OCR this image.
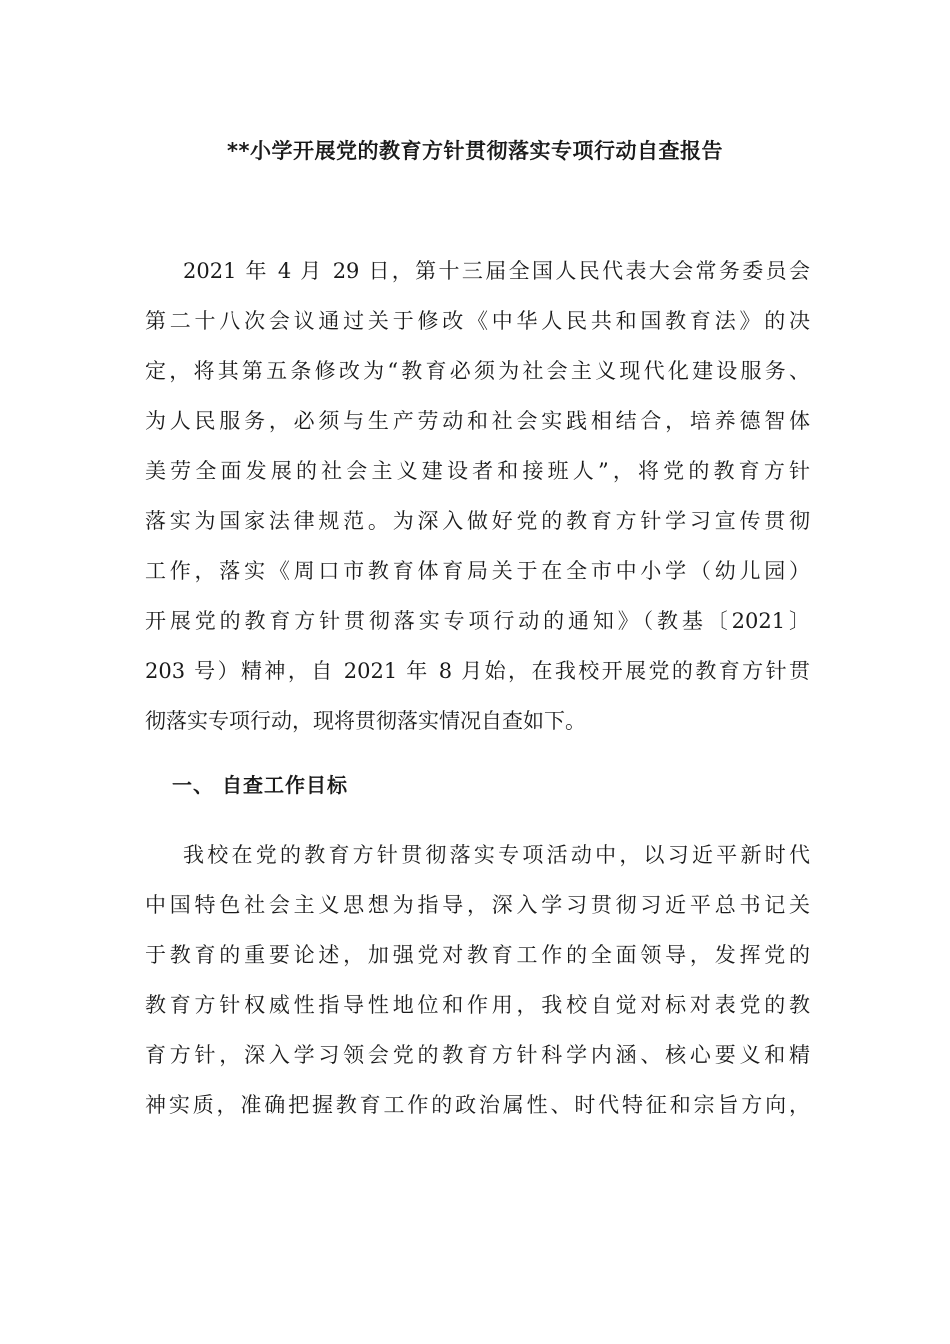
**小学开展党的教育方针贯彻落实专项行动自查报告
2021 年 4 月 29 日，第十三届全国人民代表大会常务委员会
第二十八次会议通过关于修改《中华人民共和国教育法》的决
定，将其第五条修改为“教育必须为社会主义现代化建设服务、
为人民服务，必须与生产劳动和社会实践相结合，培养德智体
美劳全面发展的社会主义建设者和接班人”，将党的教育方针
落实为国家法律规范。为深入做好党的教育方针学习宣传贯彻
工作，落实《周口市教育体育局关于在全市中小学（幼儿园）
开展党的教育方针贯彻落实专项行动的通知》（教基〔2021〕
203 号）精神，自 2021 年 8 月始，在我校开展党的教育方针贯
彻落实专项行动，现将贯彻落实情况自查如下。
一、 自查工作目标
我校在党的教育方针贯彻落实专项活动中，以习近平新时代
中国特色社会主义思想为指导，深入学习贯彻习近平总书记关
于教育的重要论述，加强党对教育工作的全面领导，发挥党的
教育方针权威性指导性地位和作用，我校自觉对标对表党的教
育方针，深入学习领会党的教育方针科学内涵、核心要义和精
神实质，准确把握教育工作的政治属性、时代特征和宗旨方向，
